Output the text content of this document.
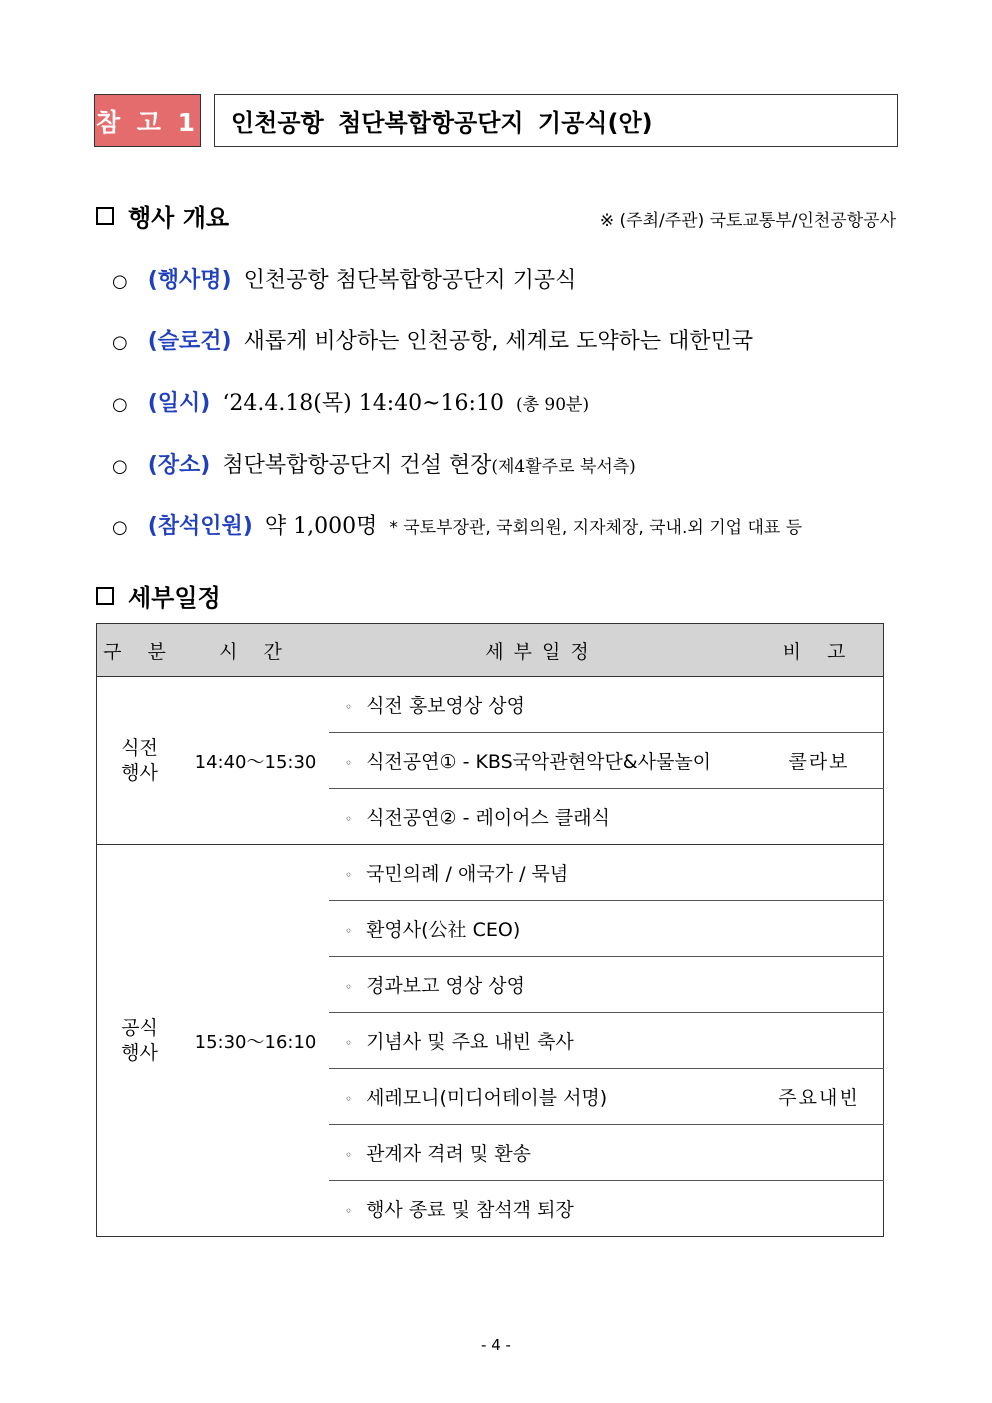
참 고 1	인천공항 첨단복합항공단지 기공식(안)
행사 개요	※ (주최/주관) 국토교통부/인천공항공사
○ (행사명) 인천공항 첨단복합항공단지 기공식
○ (슬로건) 새롭게 비상하는 인천공항, 세계로 도약하는 대한민국
○ (일시) ‘24.4.18(목) 14:40~16:10 (총 90분)
○ (장소) 첨단복합항공단지 건설 현장 (제4활주로 북서측)
○ (참석인원) 약 1,000명 * 국토부장관, 국회의원, 지자체장, 국내.외 기업 대표 등
세부일정
구 분	시 간	세부일정	비 고
식전
행사	14:40～15:30	◦ 식전 홍보영상 상영	
		◦ 식전공연① - KBS국악관현악단&사물놀이	콜라보
		◦ 식전공연② - 레이어스 클래식	
공식
행사	15:30～16:10	◦ 국민의례 / 애국가 / 묵념	
		◦ 환영사(公社 CEO)	
		◦ 경과보고 영상 상영	
		◦ 기념사 및 주요 내빈 축사	
		◦ 세레모니(미디어테이블 서명)	주요내빈
		◦ 관계자 격려 및 환송	
		◦ 행사 종료 및 참석객 퇴장	
- 4 -
